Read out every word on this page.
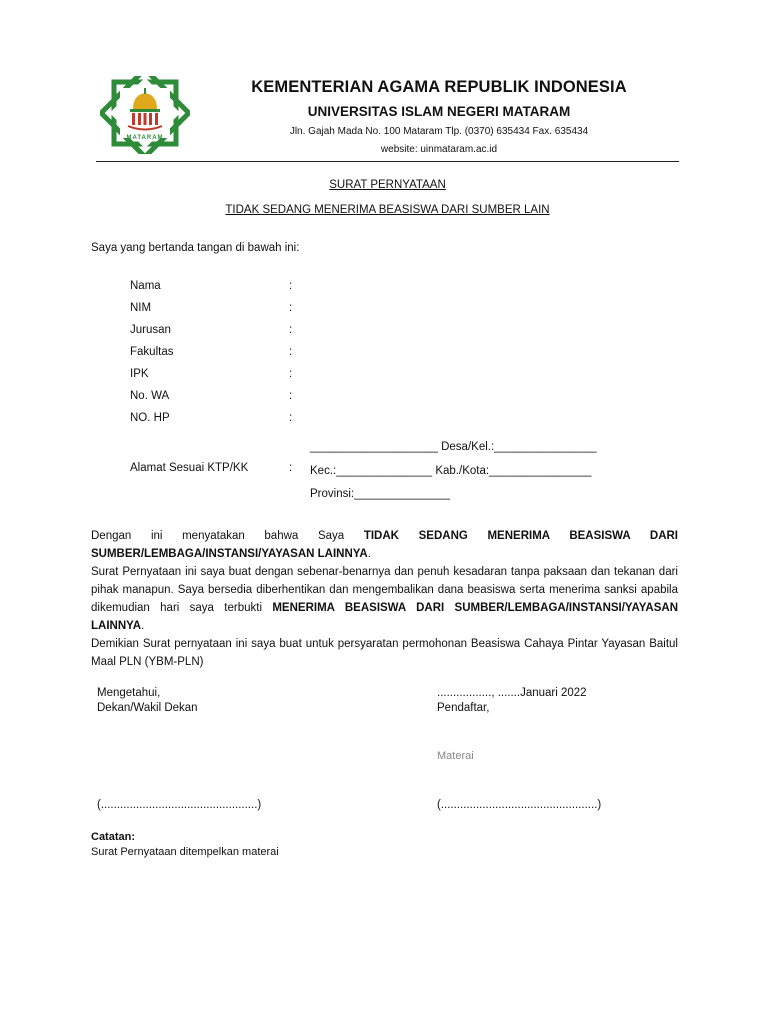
MATARAM
KEMENTERIAN AGAMA REPUBLIK INDONESIA
UNIVERSITAS ISLAM NEGERI MATARAM
Jln. Gajah Mada No. 100 Mataram Tlp. (0370) 635434 Fax. 635434
website: uinmataram.ac.id
SURAT PERNYATAAN
TIDAK SEDANG MENERIMA BEASISWA DARI SUMBER LAIN
Saya yang bertanda tangan di bawah ini:
Nama	:
NIM	:
Jurusan	:
Fakultas	:
IPK	:
No. WA	:
NO. HP	:
____________________ Desa/Kel.:________________
Alamat Sesuai KTP/KK	: Kec.:_______________ Kab./Kota:________________
Provinsi:_______________

Dengan ini menyatakan bahwa Saya TIDAK SEDANG MENERIMA BEASISWA DARI SUMBER/LEMBAGA/INSTANSI/YAYASAN LAINNYA.

Surat Pernyataan ini saya buat dengan sebenar-benarnya dan penuh kesadaran tanpa paksaan dan tekanan dari pihak manapun. Saya bersedia diberhentikan dan mengembalikan dana beasiswa serta menerima sanksi apabila dikemudian hari saya terbukti MENERIMA BEASISWA DARI SUMBER/LEMBAGA/INSTANSI/YAYASAN LAINNYA.

Demikian Surat pernyataan ini saya buat untuk persyaratan permohonan Beasiswa Cahaya Pintar Yayasan Baitul Maal PLN (YBM-PLN)

Mengetahui,
Dekan/Wakil Dekan
................., .......Januari 2022
Pendaftar,
Materai
(.................................................)	(.................................................)
Catatan:
Surat Pernyataan ditempelkan materai
